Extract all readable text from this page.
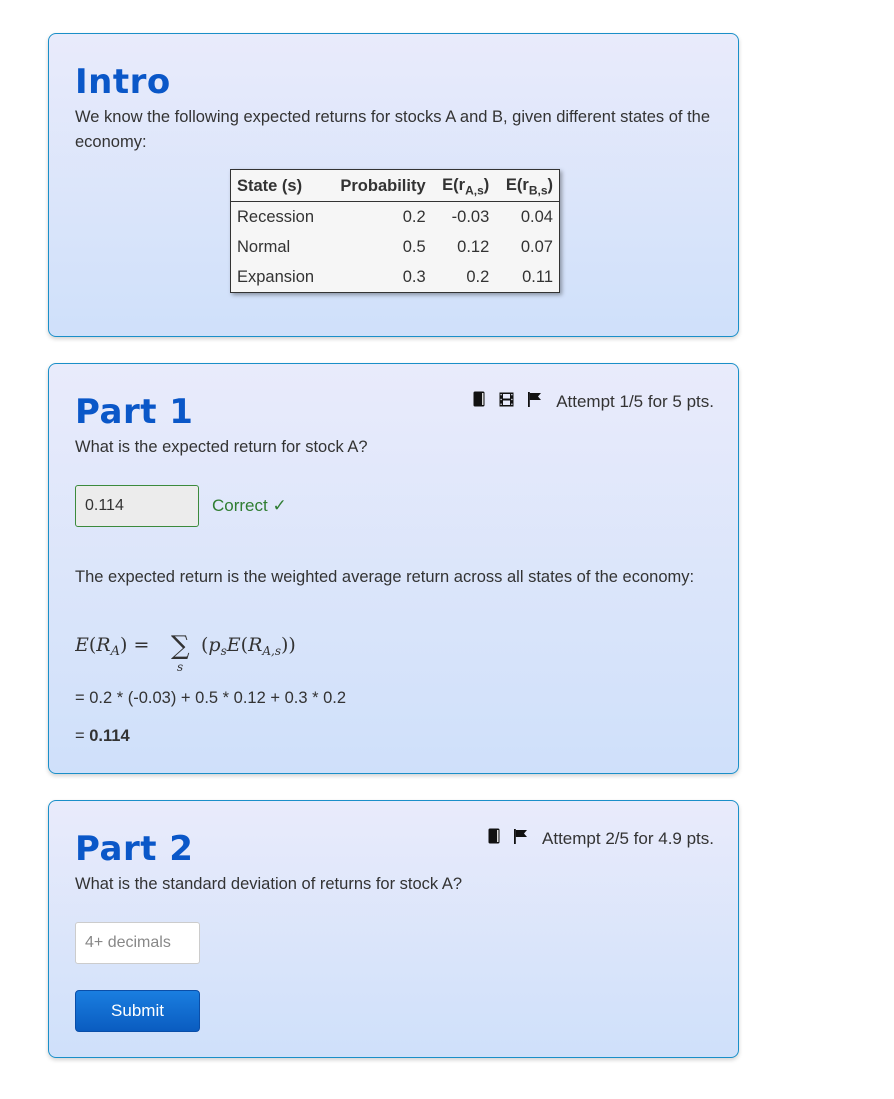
Intro

We know the following expected returns for stocks A and B, given different states of the economy:

State (s)	Probability	$E(r_{A,s})$	$E(r_{B,s})$
Recession	0.2	-0.03	0.04
Normal	0.5	0.12	0.07
Expansion	0.3	0.2	0.11
Part 1	Attempt 1/5 for 5 pts.

What is the expected return for stock A?

0.114
Correct ✓

The expected return is the weighted average return across all states of the economy:

$E(R_A)$ = ∑
s
$(p_sE(R_{A,s}))$

= 0.2 * (-0.03) + 0.5 * 0.12 + 0.3 * 0.2

= 0.114

Part 2	Attempt 2/5 for 4.9 pts.

What is the standard deviation of returns for stock A?

4+ decimals
Submit
